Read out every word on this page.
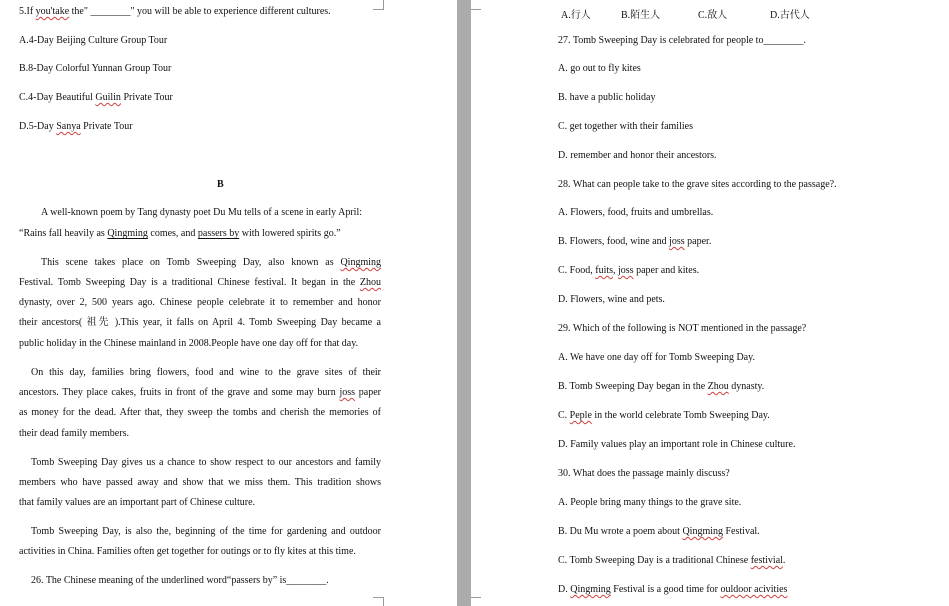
5.If you'take the" ________" you will be able to experience different cultures.
A.4-Day Beijing Culture Group Tour
B.8-Day Colorful Yunnan Group Tour
C.4-Day Beautiful Guilin Private Tour
D.5-Day Sanya Private Tour
B
A well-known poem by Tang dynasty poet Du Mu tells of a scene in early April:
“Rains fall heavily as Qingming comes, and passers by with lowered spirits go.”
This scene takes place on Tomb Sweeping Day, also known as Qingming
Festival. Tomb Sweeping Day is a traditional Chinese festival. It began in the Zhou
dynasty, over 2, 500 years ago. Chinese people celebrate it to remember and honor
their ancestors( 祖先 ).This year, it falls on April 4. Tomb Sweeping Day became a
public holiday in the Chinese mainland in 2008.People have one day off for that day.
On this day, families bring flowers, food and wine to the grave sites of their
ancestors. They place cakes, fruits in front of the grave and some may burn joss paper
as money for the dead. After that, they sweep the tombs and cherish the memories of
their dead family members.
Tomb Sweeping Day gives us a chance to show respect to our ancestors and family
members who have passed away and show that we miss them. This tradition shows
that family values are an important part of Chinese culture.
Tomb Sweeping Day, is also the, beginning of the time for gardening and outdoor
activities in China. Families often get together for outings or to fly kites at this time.
26. The Chinese meaning of the underlined word“passers by” is________.
A.行人	B.陌生人	C.敌人	D.古代人
27. Tomb Sweeping Day is celebrated for people to________.
A. go out to fly kites
B. have a public holiday
C. get together with their families
D. remember and honor their ancestors.
28. What can people take to the grave sites according to the passage?.
A. Flowers, food, fruits and umbrellas.
B. Flowers, food, wine and joss paper.
C. Food, fuits, joss paper and kites.
D. Flowers, wine and pets.
29. Which of the following is NOT mentioned in the passage?
A. We have one day off for Tomb Sweeping Day.
B. Tomb Sweeping Day began in the Zhou dynasty.
C. Peple in the world celebrate Tomb Sweeping Day.
D. Family values play an important role in Chinese culture.
30. What does the passage mainly discuss?
A. People bring many things to the grave site.
B. Du Mu wrote a poem about Qingming Festival.
C. Tomb Sweeping Day is a traditional Chinese festivial.
D. Qingming Festival is a good time for ouldoor acivities
